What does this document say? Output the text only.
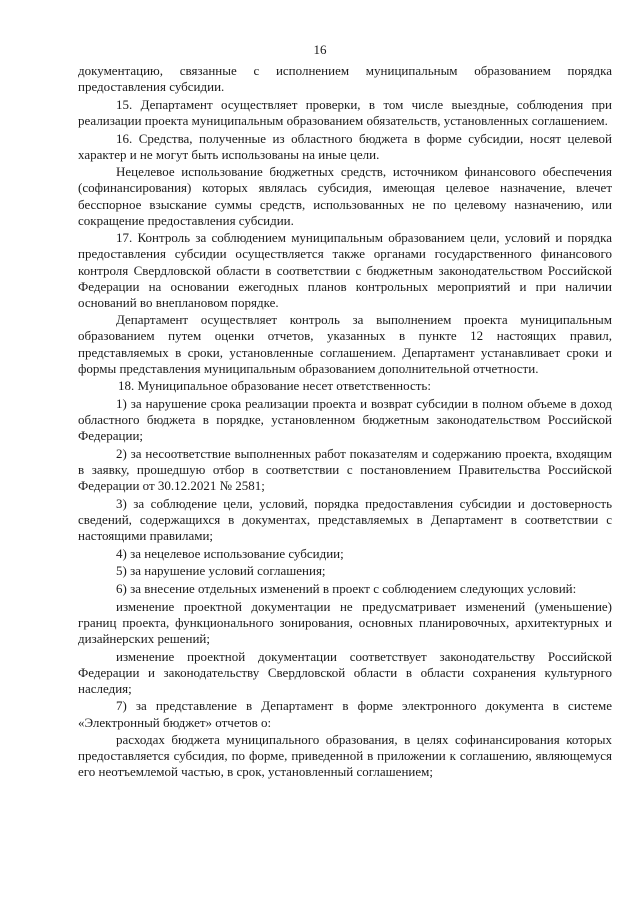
16

документацию, связанные с исполнением муниципальным образованием порядка предоставления субсидии.

15. Департамент осуществляет проверки, в том числе выездные, соблюдения при реализации проекта муниципальным образованием обязательств, установленных соглашением.

16. Средства, полученные из областного бюджета в форме субсидии, носят целевой характер и не могут быть использованы на иные цели.

Нецелевое использование бюджетных средств, источником финансового обеспечения (софинансирования) которых являлась субсидия, имеющая целевое назначение, влечет бесспорное взыскание суммы средств, использованных не по целевому назначению, или сокращение предоставления субсидии.

17. Контроль за соблюдением муниципальным образованием цели, условий и порядка предоставления субсидии осуществляется также органами государственного финансового контроля Свердловской области в соответствии с бюджетным законодательством Российской Федерации на основании ежегодных планов контрольных мероприятий и при наличии оснований во внеплановом порядке.

Департамент осуществляет контроль за выполнением проекта муниципальным образованием путем оценки отчетов, указанных в пункте 12 настоящих правил, представляемых в сроки, установленные соглашением. Департамент устанавливает сроки и формы представления муниципальным образованием дополнительной отчетности.

18. Муниципальное образование несет ответственность:

1) за нарушение срока реализации проекта и возврат субсидии в полном объеме в доход областного бюджета в порядке, установленном бюджетным законодательством Российской Федерации;

2) за несоответствие выполненных работ показателям и содержанию проекта, входящим в заявку, прошедшую отбор в соответствии с постановлением Правительства Российской Федерации от 30.12.2021 № 2581;

3) за соблюдение цели, условий, порядка предоставления субсидии и достоверность сведений, содержащихся в документах, представляемых в Департамент в соответствии с настоящими правилами;

4) за нецелевое использование субсидии;

5) за нарушение условий соглашения;

6) за внесение отдельных изменений в проект с соблюдением следующих условий:

изменение проектной документации не предусматривает изменений (уменьшение) границ проекта, функционального зонирования, основных планировочных, архитектурных и дизайнерских решений;

изменение проектной документации соответствует законодательству Российской Федерации и законодательству Свердловской области в области сохранения культурного наследия;

7) за представление в Департамент в форме электронного документа в системе «Электронный бюджет» отчетов о:

расходах бюджета муниципального образования, в целях софинансирования которых предоставляется субсидия, по форме, приведенной в приложении к соглашению, являющемуся его неотъемлемой частью, в срок, установленный соглашением;
